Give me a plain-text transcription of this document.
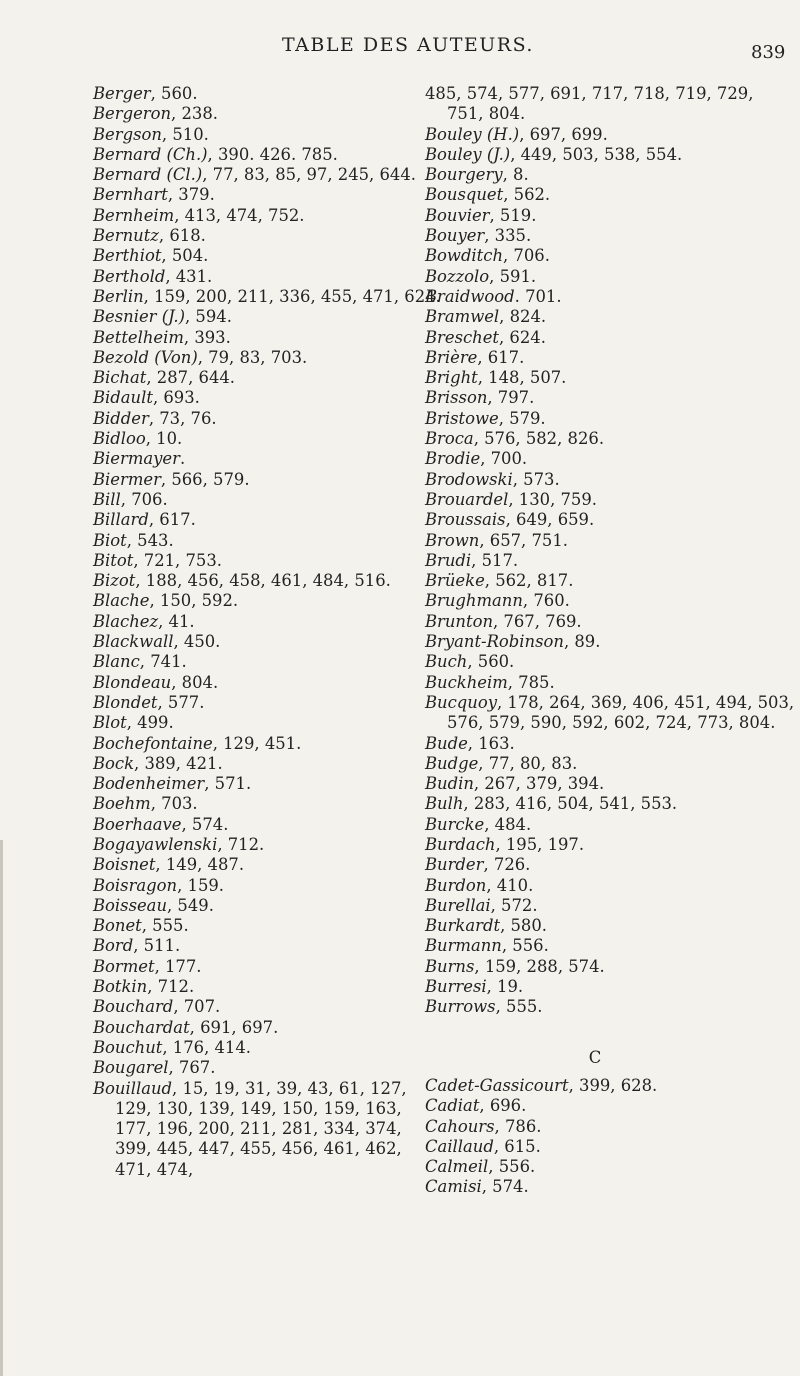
TABLE DES AUTEURS.	839
Berger, 560.
Bergeron, 238.
Bergson, 510.
Bernard (Ch.), 390. 426. 785.
Bernard (Cl.), 77, 83, 85, 97, 245, 644.
Bernhart, 379.
Bernheim, 413, 474, 752.
Bernutz, 618.
Berthiot, 504.
Berthold, 431.
Berlin, 159, 200, 211, 336, 455, 471, 624.
Besnier (J.), 594.
Bettelheim, 393.
Bezold (Von), 79, 83, 703.
Bichat, 287, 644.
Bidault, 693.
Bidder, 73, 76.
Bidloo, 10.
Biermayer.
Biermer, 566, 579.
Bill, 706.
Billard, 617.
Biot, 543.
Bitot, 721, 753.
Bizot, 188, 456, 458, 461, 484, 516.
Blache, 150, 592.
Blachez, 41.
Blackwall, 450.
Blanc, 741.
Blondeau, 804.
Blondet, 577.
Blot, 499.
Bochefontaine, 129, 451.
Bock, 389, 421.
Bodenheimer, 571.
Boehm, 703.
Boerhaave, 574.
Bogayawlenski, 712.
Boisnet, 149, 487.
Boisragon, 159.
Boisseau, 549.
Bonet, 555.
Bord, 511.
Bormet, 177.
Botkin, 712.
Bouchard, 707.
Bouchardat, 691, 697.
Bouchut, 176, 414.
Bougarel, 767.
Bouillaud, 15, 19, 31, 39, 43, 61, 127, 129, 130, 139, 149, 150, 159, 163, 177, 196, 200, 211, 281, 334, 374, 399, 445, 447, 455, 456, 461, 462, 471, 474,
485, 574, 577, 691, 717, 718, 719, 729, 751, 804.
Bouley (H.), 697, 699.
Bouley (J.), 449, 503, 538, 554.
Bourgery, 8.
Bousquet, 562.
Bouvier, 519.
Bouyer, 335.
Bowditch, 706.
Bozzolo, 591.
Braidwood. 701.
Bramwel, 824.
Breschet, 624.
Brière, 617.
Bright, 148, 507.
Brisson, 797.
Bristowe, 579.
Broca, 576, 582, 826.
Brodie, 700.
Brodowski, 573.
Brouardel, 130, 759.
Broussais, 649, 659.
Brown, 657, 751.
Brudi, 517.
Brüeke, 562, 817.
Brughmann, 760.
Brunton, 767, 769.
Bryant-Robinson, 89.
Buch, 560.
Buckheim, 785.
Bucquoy, 178, 264, 369, 406, 451, 494, 503, 576, 579, 590, 592, 602, 724, 773, 804.
Bude, 163.
Budge, 77, 80, 83.
Budin, 267, 379, 394.
Bulh, 283, 416, 504, 541, 553.
Burcke, 484.
Burdach, 195, 197.
Burder, 726.
Burdon, 410.
Burellai, 572.
Burkardt, 580.
Burmann, 556.
Burns, 159, 288, 574.
Burresi, 19.
Burrows, 555.
C
Cadet-Gassicourt, 399, 628.
Cadiat, 696.
Cahours, 786.
Caillaud, 615.
Calmeil, 556.
Camisi, 574.
